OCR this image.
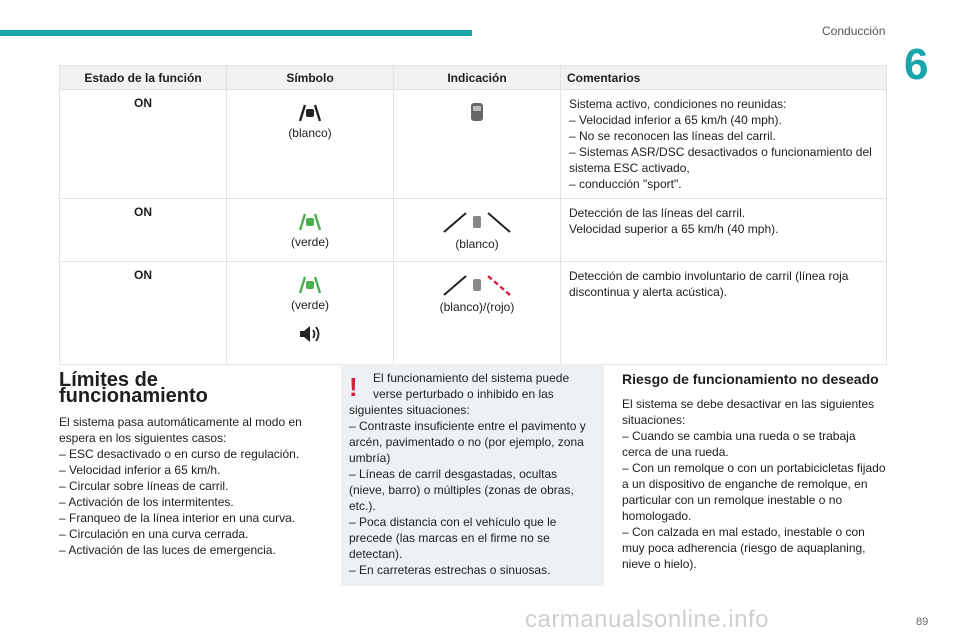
Conducción
6
Estado de la función	Símbolo	Indicación	Comentarios
ON	(blanco)		Sistema activo, condiciones no reunidas:
– Velocidad inferior a 65 km/h (40 mph).
– No se reconocen las líneas del carril.
– Sistemas ASR/DSC desactivados o funcionamiento del sistema ESC activado,
– conducción "sport".

ON	(verde)	(blanco)	Detección de las líneas del carril.
Velocidad superior a 65 km/h (40 mph).

ON	(verde)	(blanco)/(rojo)	Detección de cambio involuntario de carril (línea roja discontinua y alerta acústica).
Límites de funcionamiento

El sistema pasa automáticamente al modo en espera en los siguientes casos:

– ESC desactivado o en curso de regulación.
– Velocidad inferior a 65 km/h.
– Circular sobre líneas de carril.
– Activación de los intermitentes.
– Franqueo de la línea interior en una curva.
– Circulación en una curva cerrada.
– Activación de las luces de emergencia.
!	El funcionamiento del sistema puede verse perturbado o inhibido en las
siguientes situaciones:
– Contraste insuficiente entre el pavimento y arcén, pavimentado o no (por ejemplo, zona umbría)
– Líneas de carril desgastadas, ocultas (nieve, barro) o múltiples (zonas de obras, etc.).
– Poca distancia con el vehículo que le precede (las marcas en el firme no se detectan).
– En carreteras estrechas o sinuosas.
Riesgo de funcionamiento no deseado

El sistema se debe desactivar en las siguientes situaciones:

– Cuando se cambia una rueda o se trabaja cerca de una rueda.
– Con un remolque o con un portabicicletas fijado a un dispositivo de enganche de remolque, en particular con un remolque inestable o no homologado.
– Con calzada en mal estado, inestable o con muy poca adherencia (riesgo de aquaplaning, nieve o hielo).
carmanualsonline.info	89
